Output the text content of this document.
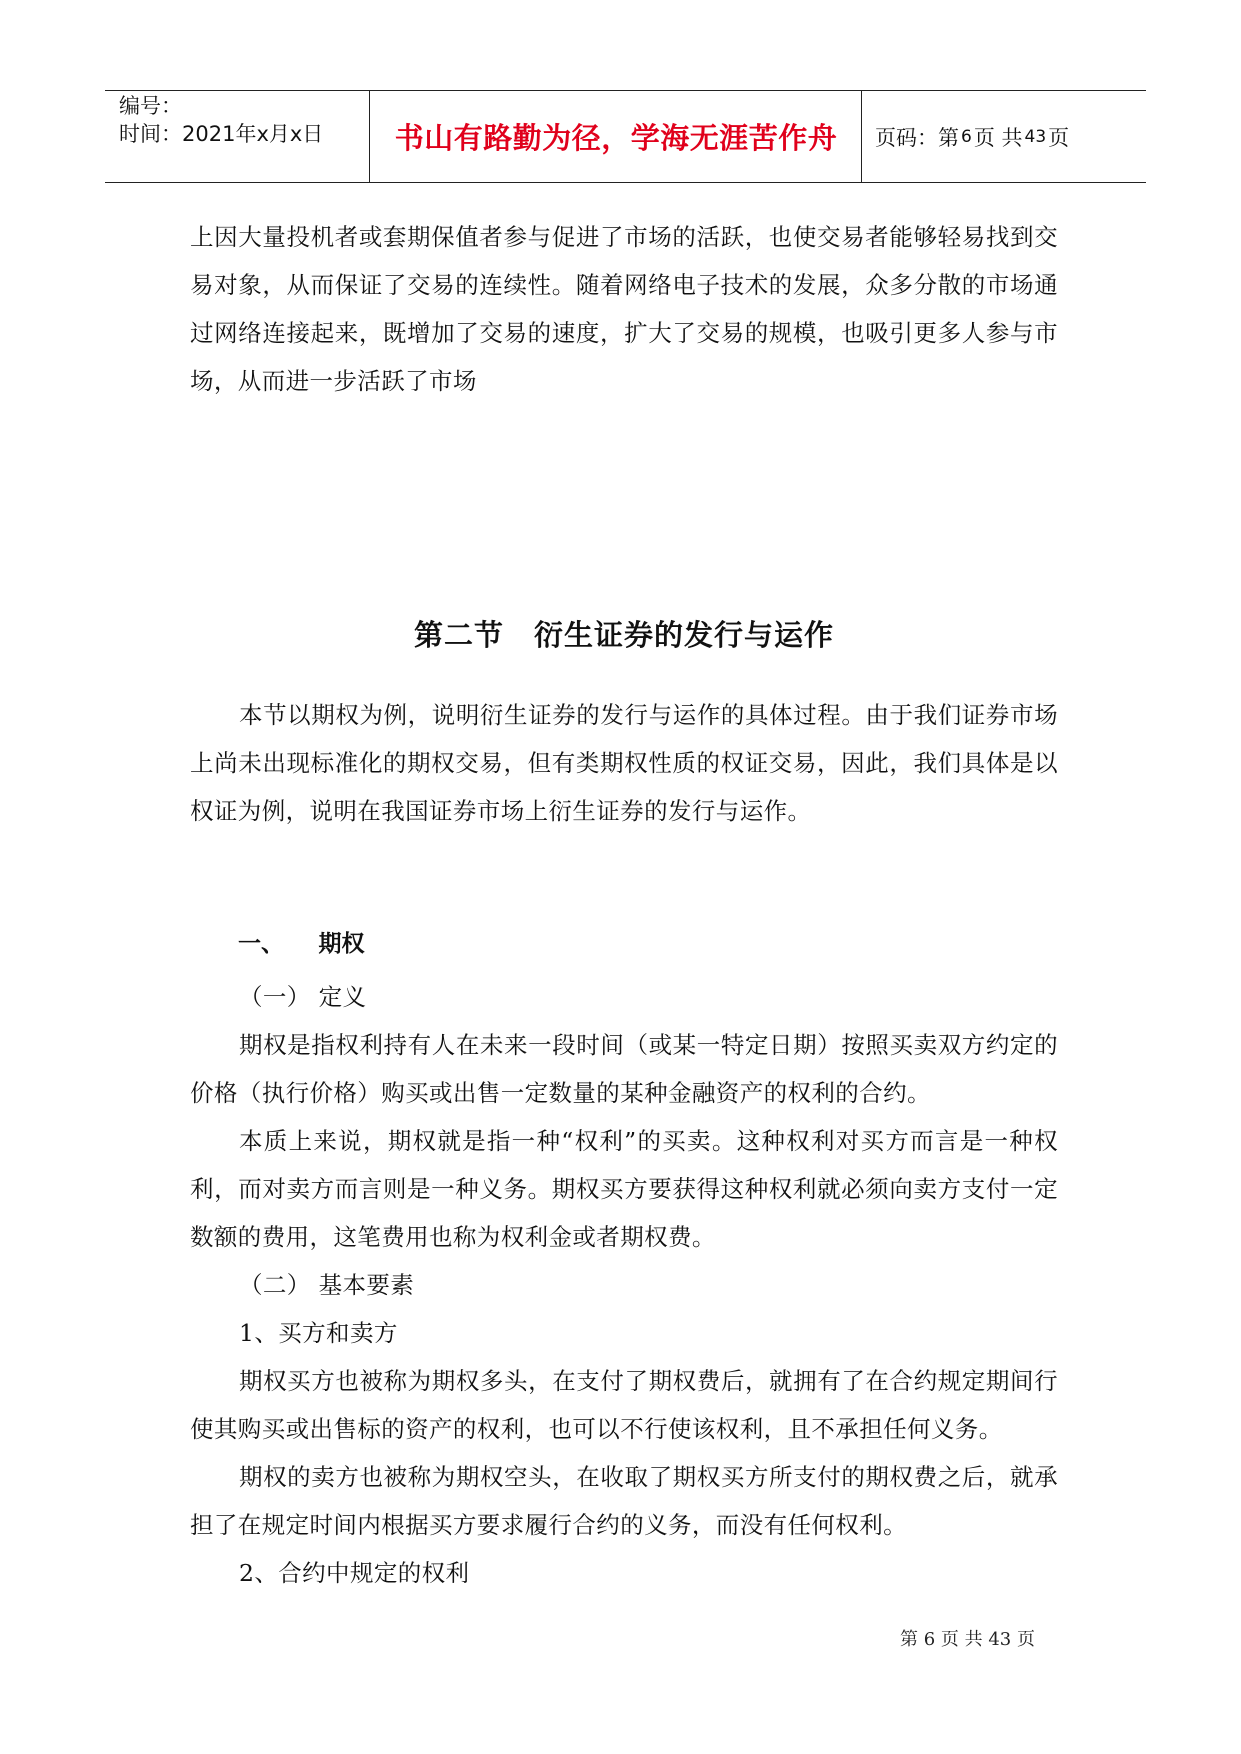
编号：
时间：2021年x月x日	书山有路勤为径，学海无涯苦作舟	页码：第 6 页 共 43 页

上因大量投机者或套期保值者参与促进了市场的活跃，也使交易者能够轻易找到交易对象，从而保证了交易的连续性。随着网络电子技术的发展，众多分散的市场通过网络连接起来，既增加了交易的速度，扩大了交易的规模，也吸引更多人参与市场，从而进一步活跃了市场

第二节　衍生证券的发行与运作

本节以期权为例，说明衍生证券的发行与运作的具体过程。由于我们证券市场上尚未出现标准化的期权交易，但有类期权性质的权证交易，因此，我们具体是以权证为例，说明在我国证券市场上衍生证券的发行与运作。

一、　　期权

（一） 定义

期权是指权利持有人在未来一段时间（或某一特定日期）按照买卖双方约定的价格（执行价格）购买或出售一定数量的某种金融资产的权利的合约。

本质上来说，期权就是指一种“权利”的买卖。这种权利对买方而言是一种权利，而对卖方而言则是一种义务。期权买方要获得这种权利就必须向卖方支付一定数额的费用，这笔费用也称为权利金或者期权费。

（二） 基本要素

1、买方和卖方

期权买方也被称为期权多头，在支付了期权费后，就拥有了在合约规定期间行使其购买或出售标的资产的权利，也可以不行使该权利，且不承担任何义务。

期权的卖方也被称为期权空头，在收取了期权买方所支付的期权费之后，就承担了在规定时间内根据买方要求履行合约的义务，而没有任何权利。

2、合约中规定的权利

第 6 页 共 43 页
